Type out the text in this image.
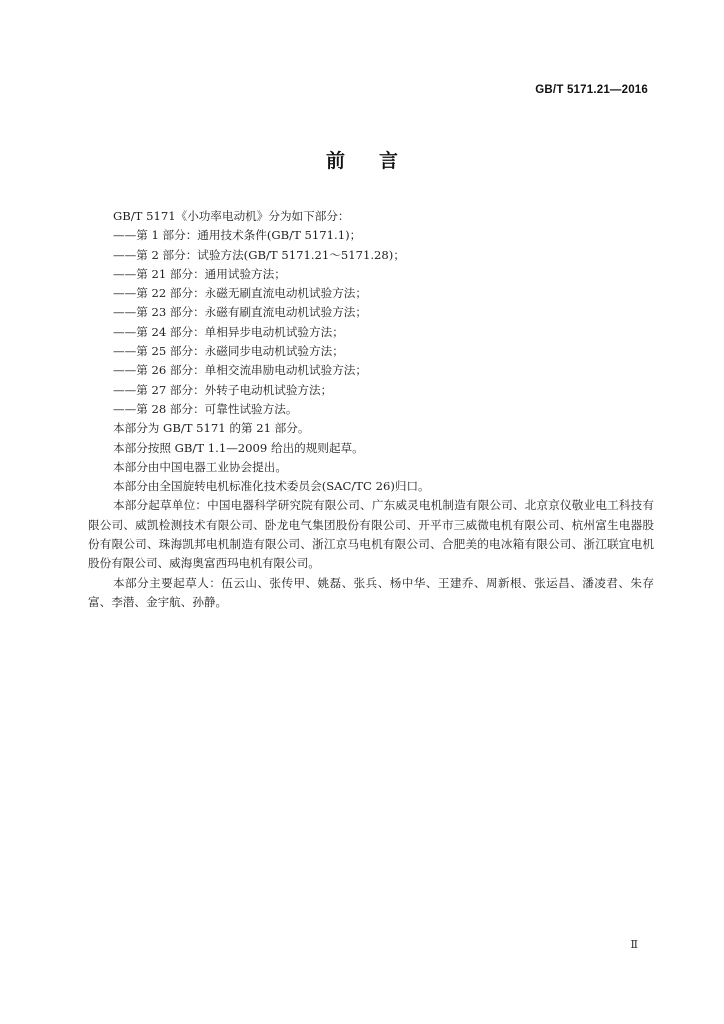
GB/T 5171.21—2016
前言
GB/T 5171《小功率电动机》分为如下部分：
——第 1 部分：通用技术条件(GB/T 5171.1)；
——第 2 部分：试验方法(GB/T 5171.21～5171.28)；
——第 21 部分：通用试验方法；
——第 22 部分：永磁无刷直流电动机试验方法；
——第 23 部分：永磁有刷直流电动机试验方法；
——第 24 部分：单相异步电动机试验方法；
——第 25 部分：永磁同步电动机试验方法；
——第 26 部分：单相交流串励电动机试验方法；
——第 27 部分：外转子电动机试验方法；
——第 28 部分：可靠性试验方法。
本部分为 GB/T 5171 的第 21 部分。
本部分按照 GB/T 1.1—2009 给出的规则起草。
本部分由中国电器工业协会提出。
本部分由全国旋转电机标准化技术委员会(SAC/TC 26)归口。

本部分起草单位：中国电器科学研究院有限公司、广东威灵电机制造有限公司、北京京仪敬业电工科技有限公司、威凯检测技术有限公司、卧龙电气集团股份有限公司、开平市三威微电机有限公司、杭州富生电器股份有限公司、珠海凯邦电机制造有限公司、浙江京马电机有限公司、合肥美的电冰箱有限公司、浙江联宜电机股份有限公司、威海奥富西玛电机有限公司。

本部分主要起草人：伍云山、张传甲、姚磊、张兵、杨中华、王建乔、周新根、张运昌、潘凌君、朱存富、李潜、金宇航、孙静。

Ⅱ
